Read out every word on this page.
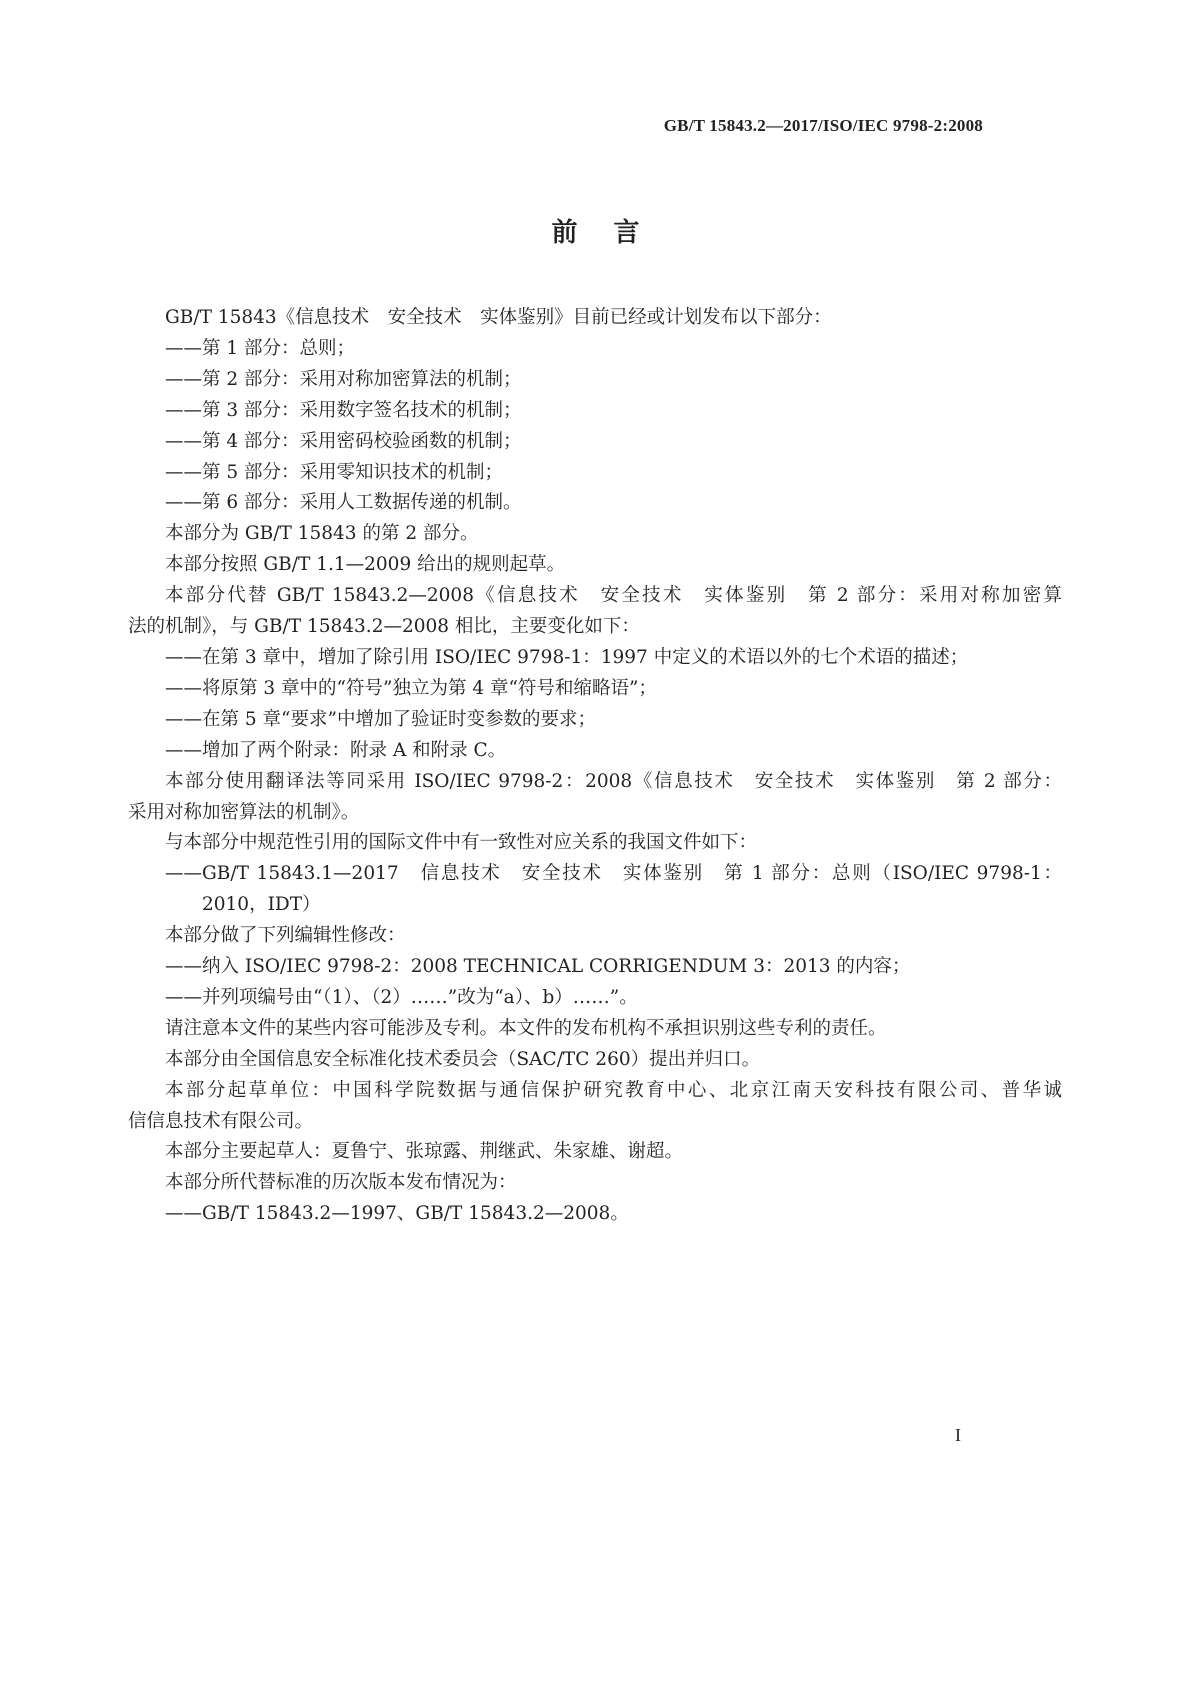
GB/T 15843.2—2017/ISO/IEC 9798-2:2008
前 言
GB/T 15843《信息技术　安全技术　实体鉴别》目前已经或计划发布以下部分：
——第 1 部分：总则；
——第 2 部分：采用对称加密算法的机制；
——第 3 部分：采用数字签名技术的机制；
——第 4 部分：采用密码校验函数的机制；
——第 5 部分：采用零知识技术的机制；
——第 6 部分：采用人工数据传递的机制。
本部分为 GB/T 15843 的第 2 部分。
本部分按照 GB/T 1.1—2009 给出的规则起草。
本部分代替 GB/T 15843.2—2008《信息技术　安全技术　实体鉴别　第 2 部分：采用对称加密算
法的机制》，与 GB/T 15843.2—2008 相比，主要变化如下：
——在第 3 章中，增加了除引用 ISO/IEC 9798-1：1997 中定义的术语以外的七个术语的描述；
——将原第 3 章中的“符号”独立为第 4 章“符号和缩略语”；
——在第 5 章“要求”中增加了验证时变参数的要求；
——增加了两个附录：附录 A 和附录 C。
本部分使用翻译法等同采用 ISO/IEC 9798-2：2008《信息技术　安全技术　实体鉴别　第 2 部分：
采用对称加密算法的机制》。
与本部分中规范性引用的国际文件中有一致性对应关系的我国文件如下：
——GB/T 15843.1—2017　信息技术　安全技术　实体鉴别　第 1 部分：总则（ISO/IEC 9798-1：
2010，IDT）
本部分做了下列编辑性修改：
——纳入 ISO/IEC 9798-2：2008 TECHNICAL CORRIGENDUM 3：2013 的内容；
——并列项编号由“（1）、（2）……”改为“a）、b）……”。
请注意本文件的某些内容可能涉及专利。本文件的发布机构不承担识别这些专利的责任。
本部分由全国信息安全标准化技术委员会（SAC/TC 260）提出并归口。
本部分起草单位：中国科学院数据与通信保护研究教育中心、北京江南天安科技有限公司、普华诚
信信息技术有限公司。
本部分主要起草人：夏鲁宁、张琼露、荆继武、朱家雄、谢超。
本部分所代替标准的历次版本发布情况为：
——GB/T 15843.2—1997、GB/T 15843.2—2008。
I
